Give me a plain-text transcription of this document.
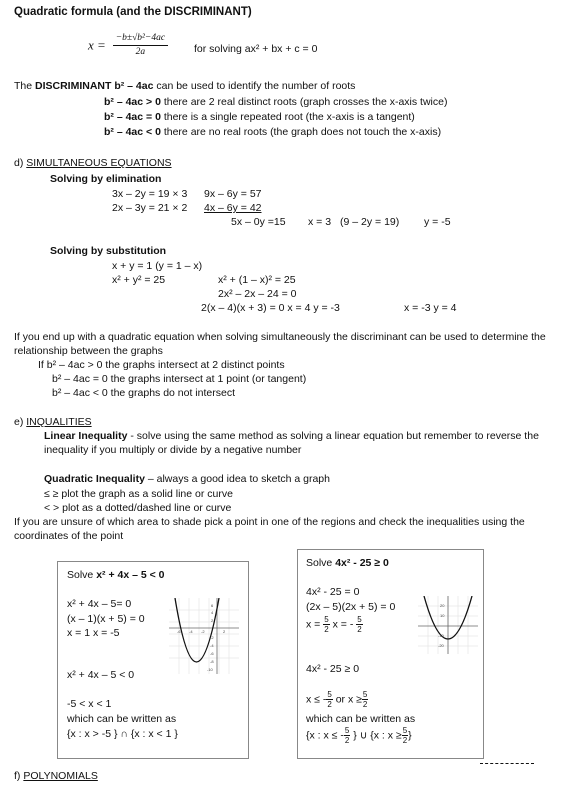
Quadratic formula (and the DISCRIMINANT)
$x = \frac{\text{−b±√b²−4ac}}{2a}$ for solving ax² + bx + c = 0
The DISCRIMINANT b² – 4ac can be used to identify the number of roots
b² – 4ac > 0 there are 2 real distinct roots (graph crosses the x-axis twice)
b² – 4ac = 0 there is a single repeated root (the x-axis is a tangent)
b² – 4ac < 0 there are no real roots (the graph does not touch the x-axis)
d) SIMULTANEOUS EQUATIONS
Solving by elimination
3x – 2y = 19 × 3 9x – 6y = 57
2x – 3y = 21 × 2 4x – 6y = 42
5x – 0y =15 x = 3 (9 – 2y = 19) y = -5
Solving by substitution
x + y = 1 (y = 1 – x)
x² + y² = 25	x² + (1 – x)² = 25
2x² – 2x – 24 = 0
2(x – 4)(x + 3) = 0 x = 4 y = -3	x = -3 y = 4
If you end up with a quadratic equation when solving simultaneously the discriminant can be used to determine the
relationship between the graphs
If b² – 4ac > 0 the graphs intersect at 2 distinct points
b² – 4ac = 0 the graphs intersect at 1 point (or tangent)
b² – 4ac < 0 the graphs do not intersect
e) INQUALITIES
Linear Inequality - solve using the same method as solving a linear equation but remember to reverse the
inequality if you multiply or divide by a negative number
Quadratic Inequality – always a good idea to sketch a graph
≤ ≥ plot the graph as a solid line or curve
< > plot as a dotted/dashed line or curve
If you are unsure of which area to shade pick a point in one of the regions and check the inequalities using the
coordinates of the point
Solve x² + 4x – 5 < 0
x² + 4x – 5= 0
(x – 1)(x + 5) = 0
x = 1 x = -5
x² + 4x – 5 < 0
-5 < x < 1
which can be written as
{x : x > -5 } ∩ {x : x < 1 }
-6 -4 -2	2
6
4
2
-2
-4
-6
-8
-10
Solve 4x² - 25 ≥ 0
4x² - 25 = 0
(2x – 5)(2x + 5) = 0
$x = \frac{5}{2}$ x = - $\frac{5}{2}$
4x² - 25 ≥ 0
x ≤ - $\frac{5}{2}$ or $x \ge \frac{5}{2}$
which can be written as
{x : x ≤ - $\frac{5}{2}$ } ∪ {x : $x \ge \frac{5}{2}$ }
20
10
-10
-20
f) POLYNOMIALS
